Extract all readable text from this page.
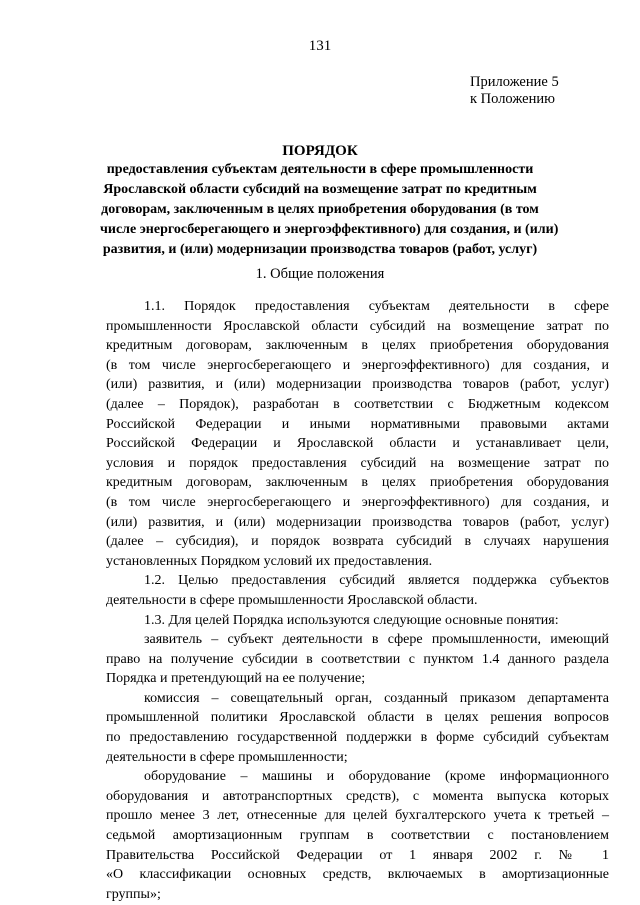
131
Приложение 5
к Положению
ПОРЯДОК
предоставления субъектам деятельности в сфере промышленности
Ярославской области субсидий на возмещение затрат по кредитным
договорам, заключенным в целях приобретения оборудования (в том
числе энергосберегающего и энергоэффективного) для создания, и (или)
развития, и (или) модернизации производства товаров (работ, услуг)
1. Общие положения
1.1. Порядок предоставления субъектам деятельности в сфере
промышленности Ярославской области субсидий на возмещение затрат по
кредитным договорам, заключенным в целях приобретения оборудования
(в том числе энергосберегающего и энергоэффективного) для создания, и
(или) развития, и (или) модернизации производства товаров (работ, услуг)
(далее – Порядок), разработан в соответствии с Бюджетным кодексом
Российской Федерации и иными нормативными правовыми актами
Российской Федерации и Ярославской области и устанавливает цели,
условия и порядок предоставления субсидий на возмещение затрат по
кредитным договорам, заключенным в целях приобретения оборудования
(в том числе энергосберегающего и энергоэффективного) для создания, и
(или) развития, и (или) модернизации производства товаров (работ, услуг)
(далее – субсидия), и порядок возврата субсидий в случаях нарушения
установленных Порядком условий их предоставления.
1.2. Целью предоставления субсидий является поддержка субъектов
деятельности в сфере промышленности Ярославской области.
1.3. Для целей Порядка используются следующие основные понятия:
заявитель – субъект деятельности в сфере промышленности, имеющий
право на получение субсидии в соответствии с пунктом 1.4 данного раздела
Порядка и претендующий на ее получение;
комиссия – совещательный орган, созданный приказом департамента
промышленной политики Ярославской области в целях решения вопросов
по предоставлению государственной поддержки в форме субсидий субъектам
деятельности в сфере промышленности;
оборудование – машины и оборудование (кроме информационного
оборудования и автотранспортных средств), с момента выпуска которых
прошло менее 3 лет, отнесенные для целей бухгалтерского учета к третьей –
седьмой амортизационным группам в соответствии с постановлением
Правительства Российской Федерации от 1 января 2002 г. № 1
«О классификации основных средств, включаемых в амортизационные
группы»;
